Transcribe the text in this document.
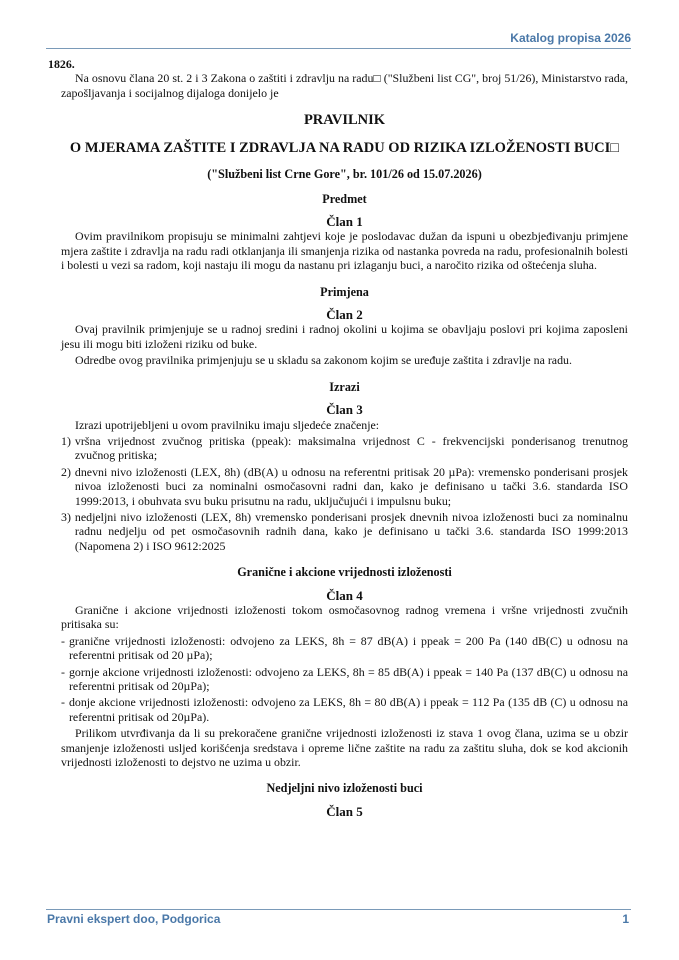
Katalog propisa 2026

1826.

Na osnovu člana 20 st. 2 i 3 Zakona o zaštiti i zdravlju na radu□ ("Službeni list CG", broj 51/26), Ministarstvo rada, zapošljavanja i socijalnog dijaloga donijelo je

PRAVILNIK

O MJERAMA ZAŠTITE I ZDRAVLJA NA RADU OD RIZIKA IZLOŽENOSTI BUCI□

("Službeni list Crne Gore", br. 101/26 od 15.07.2026)

Predmet

Član 1

Ovim pravilnikom propisuju se minimalni zahtjevi koje je poslodavac dužan da ispuni u obezbjeđivanju primjene mjera zaštite i zdravlja na radu radi otklanjanja ili smanjenja rizika od nastanka povreda na radu, profesionalnih bolesti i bolesti u vezi sa radom, koji nastaju ili mogu da nastanu pri izlaganju buci, a naročito rizika od oštećenja sluha.

Primjena

Član 2

Ovaj pravilnik primjenjuje se u radnoj sredini i radnoj okolini u kojima se obavljaju poslovi pri kojima zaposleni jesu ili mogu biti izloženi riziku od buke.

Odredbe ovog pravilnika primjenjuju se u skladu sa zakonom kojim se uređuje zaštita i zdravlje na radu.

Izrazi

Član 3

Izrazi upotrijebljeni u ovom pravilniku imaju sljedeće značenje:

1) vršna vrijednost zvučnog pritiska (ppeak): maksimalna vrijednost C - frekvencijski ponderisanog trenutnog zvučnog pritiska;
2) dnevni nivo izloženosti (LEX, 8h) (dB(A) u odnosu na referentni pritisak 20 µPa): vremensko ponderisani prosjek nivoa izloženosti buci za nominalni osmočasovni radni dan, kako je definisano u tački 3.6. standarda ISO 1999:2013, i obuhvata svu buku prisutnu na radu, uključujući i impulsnu buku;
3) nedjeljni nivo izloženosti (LEX, 8h) vremensko ponderisani prosjek dnevnih nivoa izloženosti buci za nominalnu radnu nedjelju od pet osmočasovnih radnih dana, kako je definisano u tački 3.6. standarda ISO 1999:2013 (Napomena 2) i ISO 9612:2025

Granične i akcione vrijednosti izloženosti

Član 4

Granične i akcione vrijednosti izloženosti tokom osmočasovnog radnog vremena i vršne vrijednosti zvučnih pritisaka su:

- granične vrijednosti izloženosti: odvojeno za LEKS, 8h = 87 dB(A) i ppeak = 200 Pa (140 dB(C) u odnosu na referentni pritisak od 20 µPa);
- gornje akcione vrijednosti izloženosti: odvojeno za LEKS, 8h = 85 dB(A) i ppeak = 140 Pa (137 dB(C) u odnosu na referentni pritisak od 20µPa);
- donje akcione vrijednosti izloženosti: odvojeno za LEKS, 8h = 80 dB(A) i ppeak = 112 Pa (135 dB (C) u odnosu na referentni pritisak od 20µPa).

Prilikom utvrđivanja da li su prekoračene granične vrijednosti izloženosti iz stava 1 ovog člana, uzima se u obzir smanjenje izloženosti usljed korišćenja sredstava i opreme lične zaštite na radu za zaštitu sluha, dok se kod akcionih vrijednosti izloženosti to dejstvo ne uzima u obzir.

Nedjeljni nivo izloženosti buci

Član 5

Pravni ekspert doo, Podgorica	1
